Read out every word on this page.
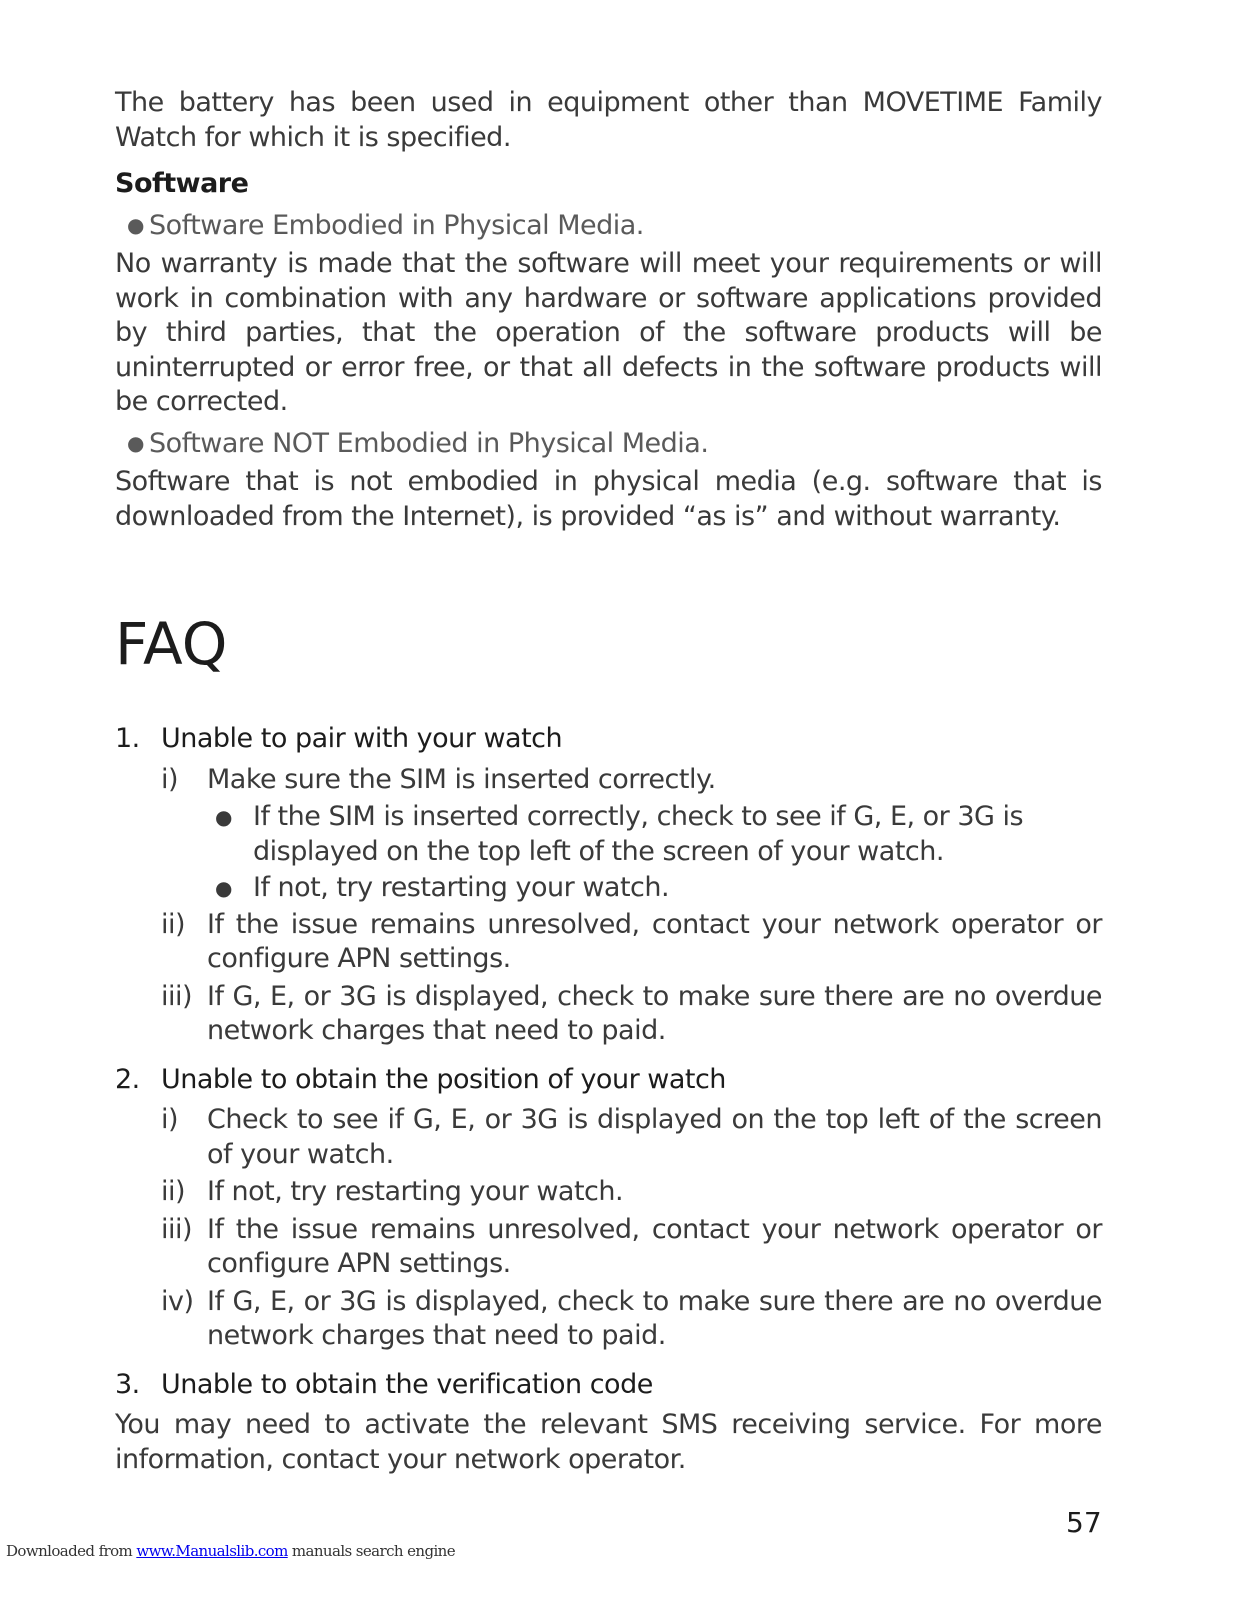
The battery has been used in equipment other than MOVETIME Family Watch for which it is specified.

Software

● Software Embodied in Physical Media.

No warranty is made that the software will meet your requirements or will work in combination with any hardware or software applications provided by third parties, that the operation of the software products will be uninterrupted or error free, or that all defects in the software products will be corrected.

● Software NOT Embodied in Physical Media.

Software that is not embodied in physical media (e.g. software that is downloaded from the Internet), is provided “as is” and without warranty.

FAQ
1. Unable to pair with your watch
i)	Make sure the SIM is inserted correctly.
● If the SIM is inserted correctly, check to see if G, E, or 3G is displayed on the top left of the screen of your watch.
● If not, try restarting your watch.
ii) If the issue remains unresolved, contact your network operator or configure APN settings.
iii) If G, E, or 3G is displayed, check to make sure there are no overdue network charges that need to paid.
2. Unable to obtain the position of your watch
i)	Check to see if G, E, or 3G is displayed on the top left of the screen of your watch.
ii) If not, try restarting your watch.
iii) If the issue remains unresolved, contact your network operator or configure APN settings.
iv) If G, E, or 3G is displayed, check to make sure there are no overdue network charges that need to paid.
3. Unable to obtain the verification code

You may need to activate the relevant SMS receiving service. For more information, contact your network operator.

57
Downloaded from www.Manualslib.com manuals search engine
